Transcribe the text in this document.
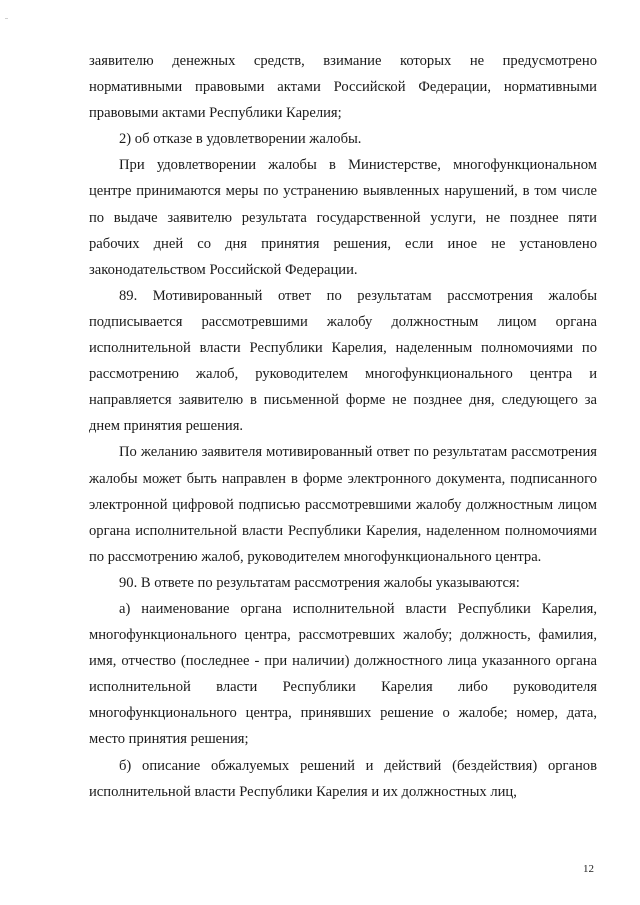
заявителю денежных средств, взимание которых не предусмотрено нормативными правовыми актами Российской Федерации, нормативными правовыми актами Республики Карелия;

2) об отказе в удовлетворении жалобы.

При удовлетворении жалобы в Министерстве, многофункциональном центре принимаются меры по устранению выявленных нарушений, в том числе по выдаче заявителю результата государственной услуги, не позднее пяти рабочих дней со дня принятия решения, если иное не установлено законодательством Российской Федерации.

89. Мотивированный ответ по результатам рассмотрения жалобы подписывается рассмотревшими жалобу должностным лицом органа исполнительной власти Республики Карелия, наделенным полномочиями по рассмотрению жалоб, руководителем многофункционального центра и направляется заявителю в письменной форме не позднее дня, следующего за днем принятия решения.

По желанию заявителя мотивированный ответ по результатам рассмотрения жалобы может быть направлен в форме электронного документа, подписанного электронной цифровой подписью рассмотревшими жалобу должностным лицом органа исполнительной власти Республики Карелия, наделенном полномочиями по рассмотрению жалоб, руководителем многофункционального центра.

90. В ответе по результатам рассмотрения жалобы указываются:

а) наименование органа исполнительной власти Республики Карелия, многофункционального центра, рассмотревших жалобу; должность, фамилия, имя, отчество (последнее - при наличии) должностного лица указанного органа исполнительной власти Республики Карелия либо руководителя многофункционального центра, принявших решение о жалобе; номер, дата, место принятия решения;

б) описание обжалуемых решений и действий (бездействия) органов исполнительной власти Республики Карелия и их должностных лиц,

12
